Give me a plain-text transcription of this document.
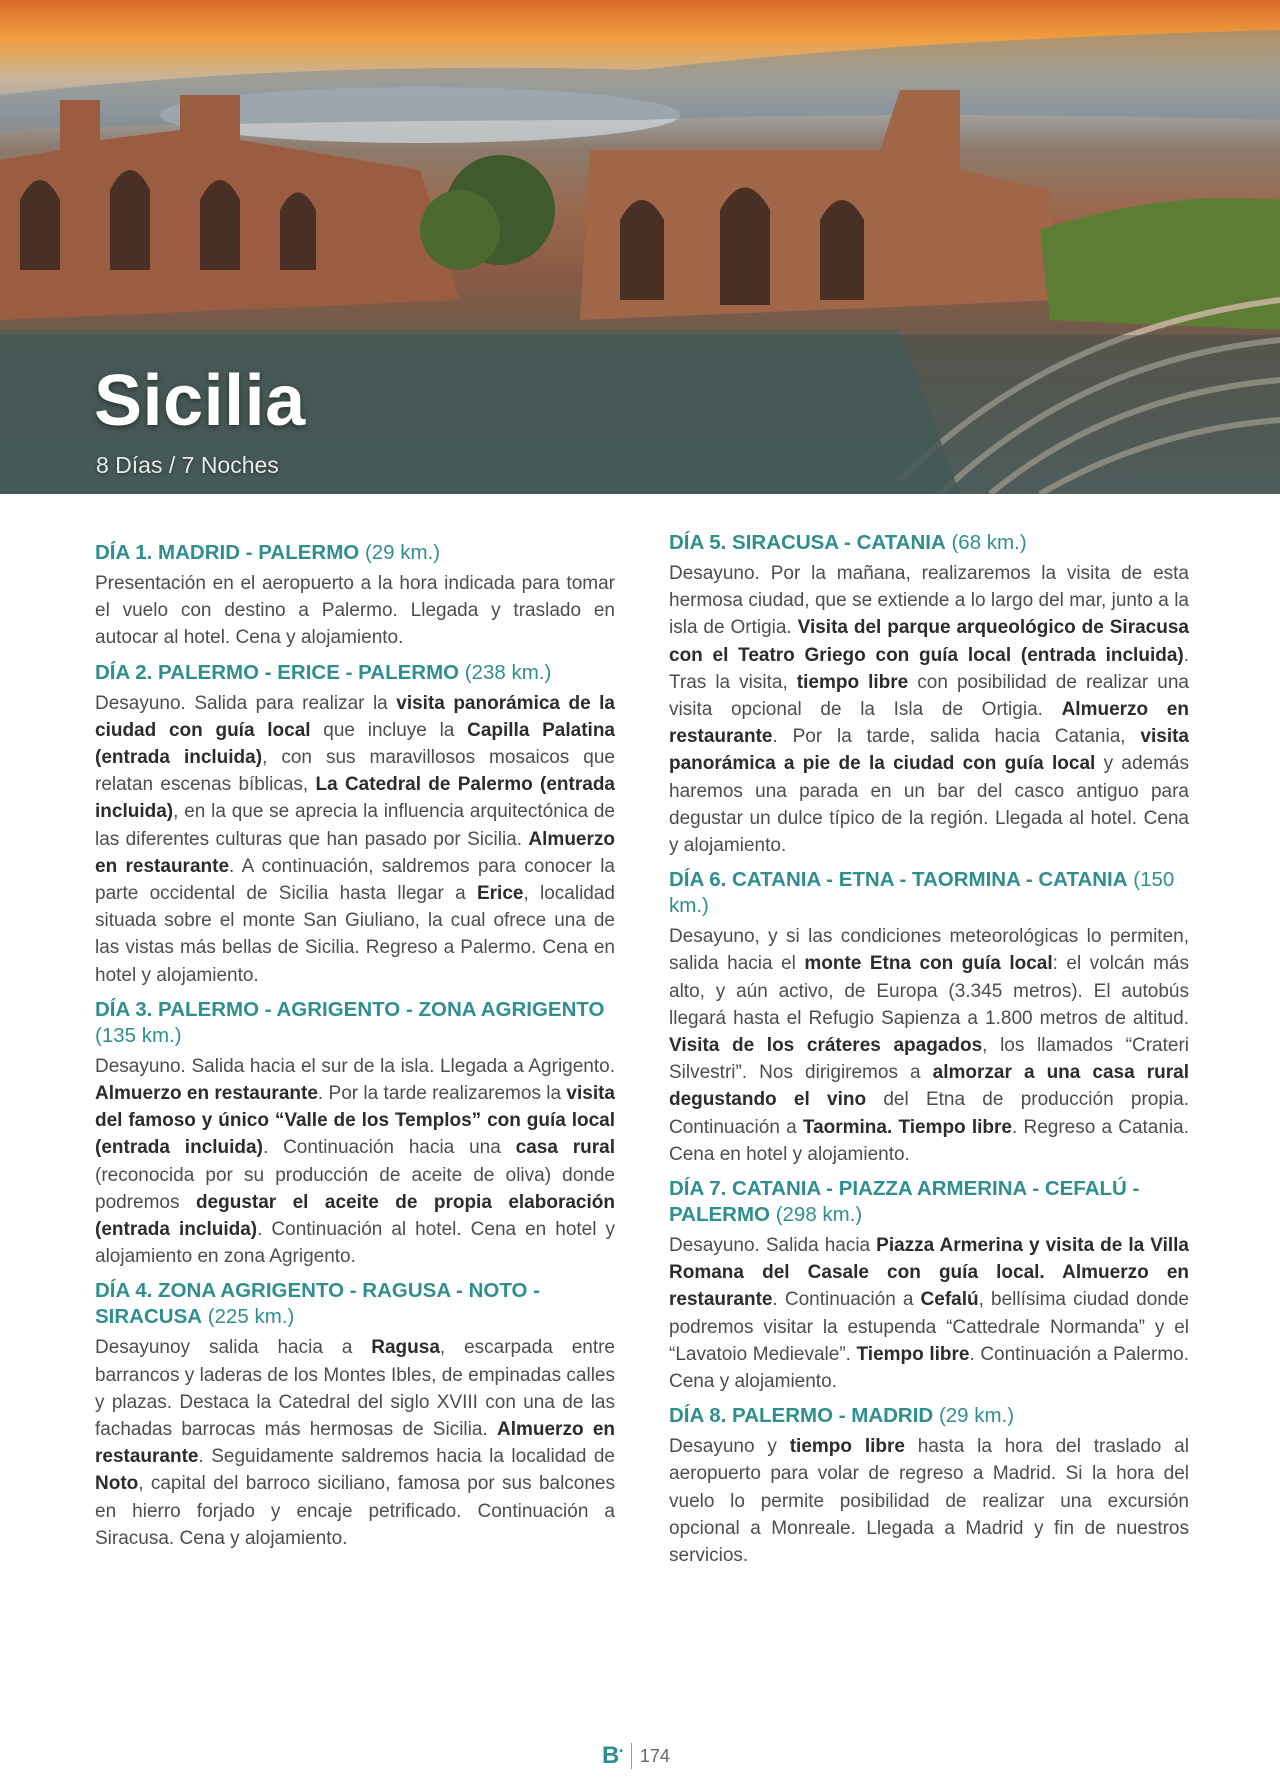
Sicilia
8 Días / 7 Noches
DÍA 1. MADRID - PALERMO (29 km.)

Presentación en el aeropuerto a la hora indicada para tomar el vuelo con destino a Palermo. Llegada y traslado en autocar al hotel. Cena y alojamiento.

DÍA 2. PALERMO - ERICE - PALERMO (238 km.)

Desayuno. Salida para realizar la visita panorámica de la ciudad con guía local que incluye la Capilla Palatina (entrada incluida), con sus maravillosos mosaicos que relatan escenas bíblicas, La Catedral de Palermo (entrada incluida), en la que se aprecia la influencia arquitectónica de las diferentes culturas que han pasado por Sicilia. Almuerzo en restaurante. A continuación, saldremos para conocer la parte occidental de Sicilia hasta llegar a Erice, localidad situada sobre el monte San Giuliano, la cual ofrece una de las vistas más bellas de Sicilia. Regreso a Palermo. Cena en hotel y alojamiento.

DÍA 3. PALERMO - AGRIGENTO - ZONA AGRIGENTO (135 km.)

Desayuno. Salida hacia el sur de la isla. Llegada a Agrigento. Almuerzo en restaurante. Por la tarde realizaremos la visita del famoso y único “Valle de los Templos” con guía local (entrada incluida). Continuación hacia una casa rural (reconocida por su producción de aceite de oliva) donde podremos degustar el aceite de propia elaboración (entrada incluida). Continuación al hotel. Cena en hotel y alojamiento en zona Agrigento.

DÍA 4. ZONA AGRIGENTO - RAGUSA - NOTO - SIRACUSA (225 km.)

Desayunoy salida hacia a Ragusa, escarpada entre barrancos y laderas de los Montes Ibles, de empinadas calles y plazas. Destaca la Catedral del siglo XVIII con una de las fachadas barrocas más hermosas de Sicilia. Almuerzo en restaurante. Seguidamente saldremos hacia la localidad de Noto, capital del barroco siciliano, famosa por sus balcones en hierro forjado y encaje petrificado. Continuación a Siracusa. Cena y alojamiento.

DÍA 5. SIRACUSA - CATANIA (68 km.)

Desayuno. Por la mañana, realizaremos la visita de esta hermosa ciudad, que se extiende a lo largo del mar, junto a la isla de Ortigia. Visita del parque arqueológico de Siracusa con el Teatro Griego con guía local (entrada incluida). Tras la visita, tiempo libre con posibilidad de realizar una visita opcional de la Isla de Ortigia. Almuerzo en restaurante. Por la tarde, salida hacia Catania, visita panorámica a pie de la ciudad con guía local y además haremos una parada en un bar del casco antiguo para degustar un dulce típico de la región. Llegada al hotel. Cena y alojamiento.

DÍA 6. CATANIA - ETNA - TAORMINA - CATANIA (150 km.)

Desayuno, y si las condiciones meteorológicas lo permiten, salida hacia el monte Etna con guía local: el volcán más alto, y aún activo, de Europa (3.345 metros). El autobús llegará hasta el Refugio Sapienza a 1.800 metros de altitud. Visita de los cráteres apagados, los llamados “Crateri Silvestri”. Nos dirigiremos a almorzar a una casa rural degustando el vino del Etna de producción propia. Continuación a Taormina. Tiempo libre. Regreso a Catania. Cena en hotel y alojamiento.

DÍA 7. CATANIA - PIAZZA ARMERINA - CEFALÚ - PALERMO (298 km.)

Desayuno. Salida hacia Piazza Armerina y visita de la Villa Romana del Casale con guía local. Almuerzo en restaurante. Continuación a Cefalú, bellísima ciudad donde podremos visitar la estupenda “Cattedrale Normanda” y el “Lavatoio Medievale”. Tiempo libre. Continuación a Palermo. Cena y alojamiento.

DÍA 8. PALERMO - MADRID (29 km.)

Desayuno y tiempo libre hasta la hora del traslado al aeropuerto para volar de regreso a Madrid. Si la hora del vuelo lo permite posibilidad de realizar una excursión opcional a Monreale. Llegada a Madrid y fin de nuestros servicios.

B• 174
